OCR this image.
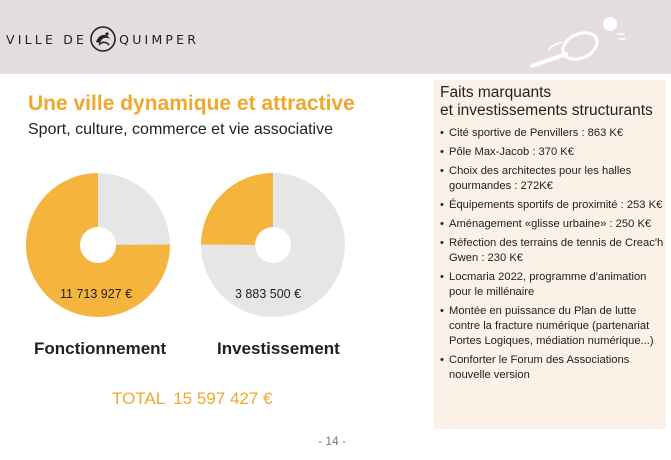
VILLE DE	QUIMPER
Une ville dynamique et attractive
Sport, culture, commerce et vie associative
11 713 927 €
Fonctionnement
3 883 500 €
Investissement
TOTAL 15 597 427 €
Faits marquants
et investissements structurants
• Cité sportive de Penvillers : 863 K€
• Pôle Max-Jacob : 370 K€
• Choix des architectes pour les halles gourmandes : 272K€
• Équipements sportifs de proximité : 253 K€
• Aménagement «glisse urbaine» : 250 K€
• Réfection des terrains de tennis de Creac'h Gwen : 230 K€
• Locmaria 2022, programme d'animation pour le millénaire
• Montée en puissance du Plan de lutte contre la fracture numérique (partenariat Portes Logiques, médiation numérique...)
• Conforter le Forum des Associations nouvelle version
- 14 -
